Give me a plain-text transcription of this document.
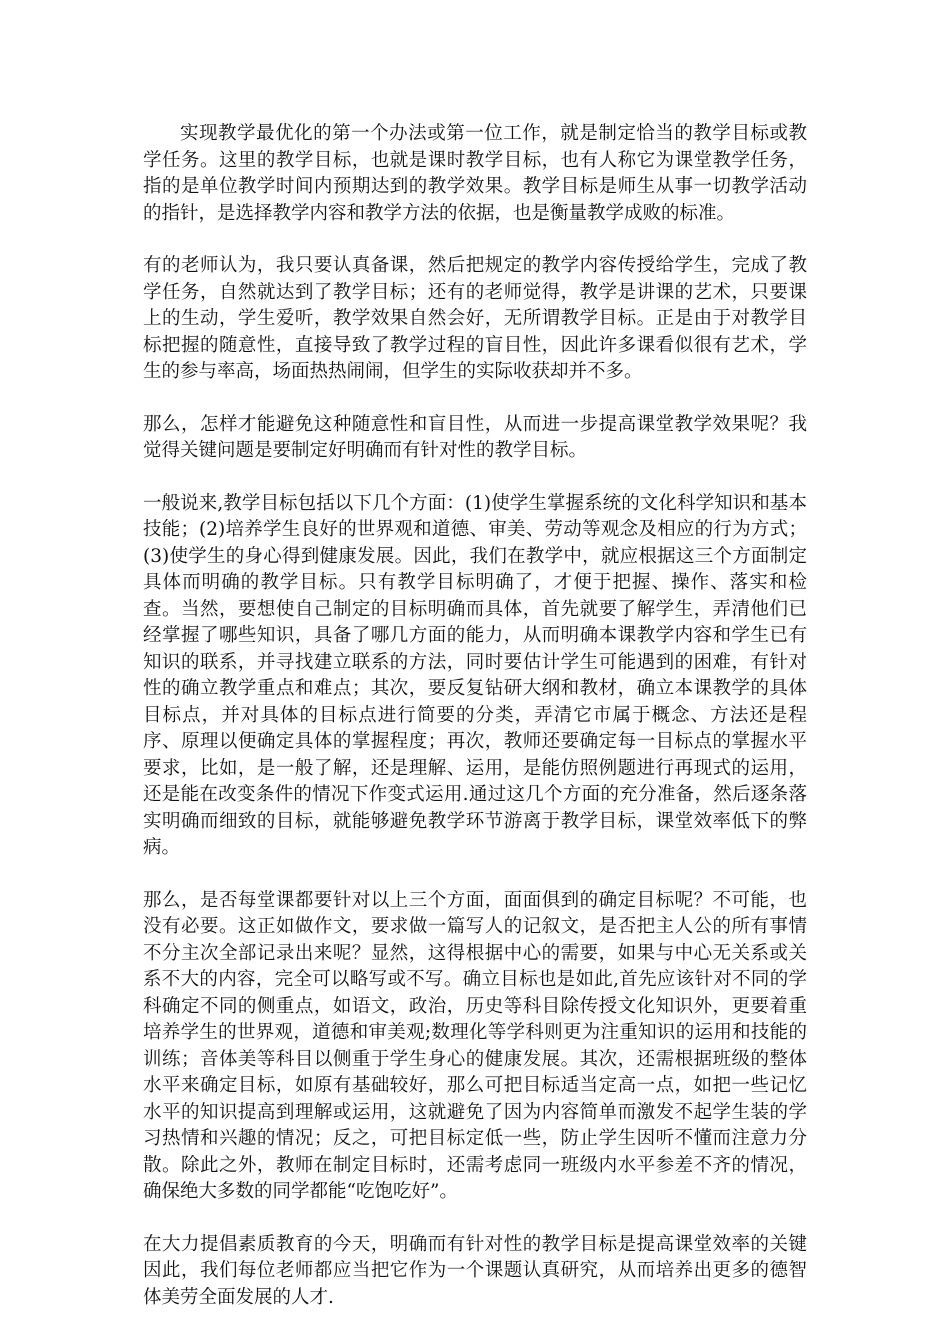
实现教学最优化的第一个办法或第一位工作，就是制定恰当的教学目标或教学任务。这里的教学目标，也就是课时教学目标，也有人称它为课堂教学任务，指的是单位教学时间内预期达到的教学效果。教学目标是师生从事一切教学活动的指针，是选择教学内容和教学方法的依据，也是衡量教学成败的标准。

有的老师认为，我只要认真备课，然后把规定的教学内容传授给学生，完成了教学任务，自然就达到了教学目标；还有的老师觉得，教学是讲课的艺术，只要课上的生动，学生爱听，教学效果自然会好，无所谓教学目标。正是由于对教学目标把握的随意性，直接导致了教学过程的盲目性，因此许多课看似很有艺术，学生的参与率高，场面热热闹闹，但学生的实际收获却并不多。

那么，怎样才能避免这种随意性和盲目性，从而进一步提高课堂教学效果呢？我觉得关键问题是要制定好明确而有针对性的教学目标。

一般说来,教学目标包括以下几个方面：(1)使学生掌握系统的文化科学知识和基本技能；(2)培养学生良好的世界观和道德、审美、劳动等观念及相应的行为方式；(3)使学生的身心得到健康发展。因此，我们在教学中，就应根据这三个方面制定具体而明确的教学目标。只有教学目标明确了，才便于把握、操作、落实和检查。当然，要想使自己制定的目标明确而具体，首先就要了解学生，弄清他们已经掌握了哪些知识，具备了哪几方面的能力，从而明确本课教学内容和学生已有知识的联系，并寻找建立联系的方法，同时要估计学生可能遇到的困难，有针对性的确立教学重点和难点；其次，要反复钻研大纲和教材，确立本课教学的具体目标点，并对具体的目标点进行简要的分类，弄清它市属于概念、方法还是程序、原理以便确定具体的掌握程度；再次，教师还要确定每一目标点的掌握水平要求，比如，是一般了解，还是理解、运用，是能仿照例题进行再现式的运用，还是能在改变条件的情况下作变式运用.通过这几个方面的充分准备，然后逐条落实明确而细致的目标，就能够避免教学环节游离于教学目标，课堂效率低下的弊病。

那么，是否每堂课都要针对以上三个方面，面面俱到的确定目标呢？不可能，也没有必要。这正如做作文，要求做一篇写人的记叙文，是否把主人公的所有事情不分主次全部记录出来呢？显然，这得根据中心的需要，如果与中心无关系或关系不大的内容，完全可以略写或不写。确立目标也是如此,首先应该针对不同的学科确定不同的侧重点，如语文，政治，历史等科目除传授文化知识外，更要着重培养学生的世界观，道德和审美观;数理化等学科则更为注重知识的运用和技能的训练；音体美等科目以侧重于学生身心的健康发展。其次，还需根据班级的整体水平来确定目标，如原有基础较好，那么可把目标适当定高一点，如把一些记忆水平的知识提高到理解或运用，这就避免了因为内容简单而激发不起学生装的学习热情和兴趣的情况；反之，可把目标定低一些，防止学生因听不懂而注意力分散。除此之外，教师在制定目标时，还需考虑同一班级内水平参差不齐的情况，确保绝大多数的同学都能“吃饱吃好”。

在大力提倡素质教育的今天，明确而有针对性的教学目标是提高课堂效率的关键因此，我们每位老师都应当把它作为一个课题认真研究，从而培养出更多的德智体美劳全面发展的人才.
